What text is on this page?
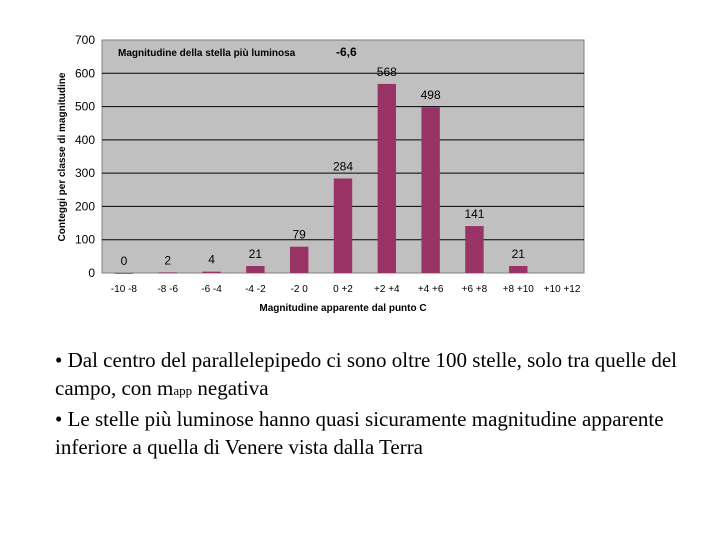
0
100
200
300
400
500
600
700
0	2	4	21
79
284
568
498
141
21
-10 -8 -8 -6 -6 -4 -4 -2 -2 0	0 +2 +2 +4 +4 +6 +6 +8 +8 +10 +10 +12
Magnitudine della stella più luminosa	-6,6
Magnitudine apparente dal punto C
Conteggi per classe di magnitudine

• Dal centro del parallelepipedo ci sono oltre 100 stelle, solo tra quelle del campo, con mapp negativa

• Le stelle più luminose hanno quasi sicuramente magnitudine apparente inferiore a quella di Venere vista dalla Terra
